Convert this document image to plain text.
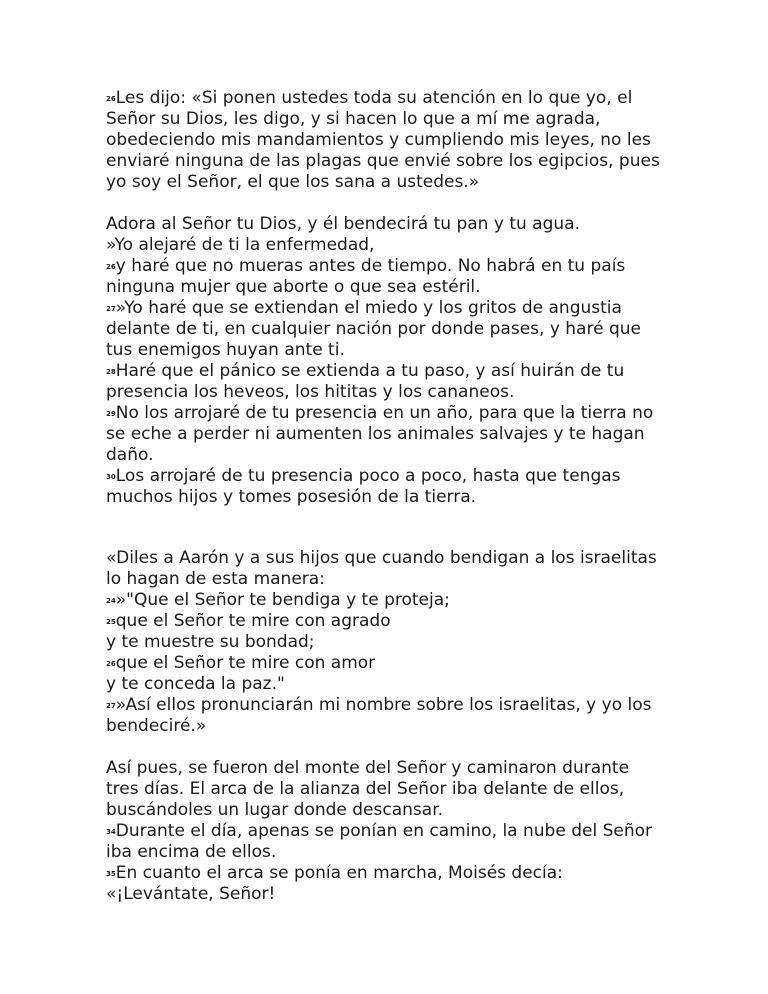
26Les dijo: «Si ponen ustedes toda su atención en lo que yo, el
Señor su Dios, les digo, y si hacen lo que a mí me agrada,
obedeciendo mis mandamientos y cumpliendo mis leyes, no les
enviaré ninguna de las plagas que envié sobre los egipcios, pues
yo soy el Señor, el que los sana a ustedes.»
Adora al Señor tu Dios, y él bendecirá tu pan y tu agua.
»Yo alejaré de ti la enfermedad,
26y haré que no mueras antes de tiempo. No habrá en tu país
ninguna mujer que aborte o que sea estéril.
27»Yo haré que se extiendan el miedo y los gritos de angustia
delante de ti, en cualquier nación por donde pases, y haré que
tus enemigos huyan ante ti.
28Haré que el pánico se extienda a tu paso, y así huirán de tu
presencia los heveos, los hititas y los cananeos.
29No los arrojaré de tu presencia en un año, para que la tierra no
se eche a perder ni aumenten los animales salvajes y te hagan
daño.
30Los arrojaré de tu presencia poco a poco, hasta que tengas
muchos hijos y tomes posesión de la tierra.
«Diles a Aarón y a sus hijos que cuando bendigan a los israelitas
lo hagan de esta manera:
24»"Que el Señor te bendiga y te proteja;
25que el Señor te mire con agrado
y te muestre su bondad;
26que el Señor te mire con amor
y te conceda la paz."
27»Así ellos pronunciarán mi nombre sobre los israelitas, y yo los
bendeciré.»
Así pues, se fueron del monte del Señor y caminaron durante
tres días. El arca de la alianza del Señor iba delante de ellos,
buscándoles un lugar donde descansar.
34Durante el día, apenas se ponían en camino, la nube del Señor
iba encima de ellos.
35En cuanto el arca se ponía en marcha, Moisés decía:
«¡Levántate, Señor!
